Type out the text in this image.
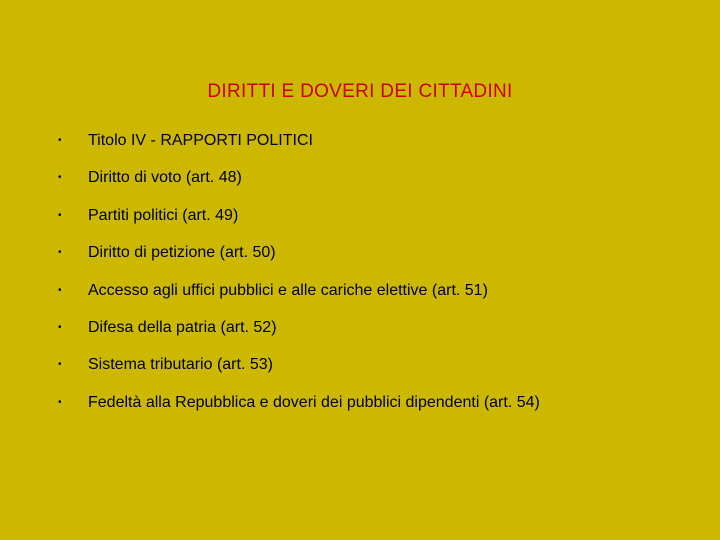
DIRITTI E DOVERI DEI CITTADINI
•	Titolo IV - RAPPORTI POLITICI
•	Diritto di voto (art. 48)
•	Partiti politici (art. 49)
•	Diritto di petizione (art. 50)
•	Accesso agli uffici pubblici e alle cariche elettive (art. 51)
•	Difesa della patria (art. 52)
•	Sistema tributario (art. 53)
•	Fedeltà alla Repubblica e doveri dei pubblici dipendenti (art. 54)
